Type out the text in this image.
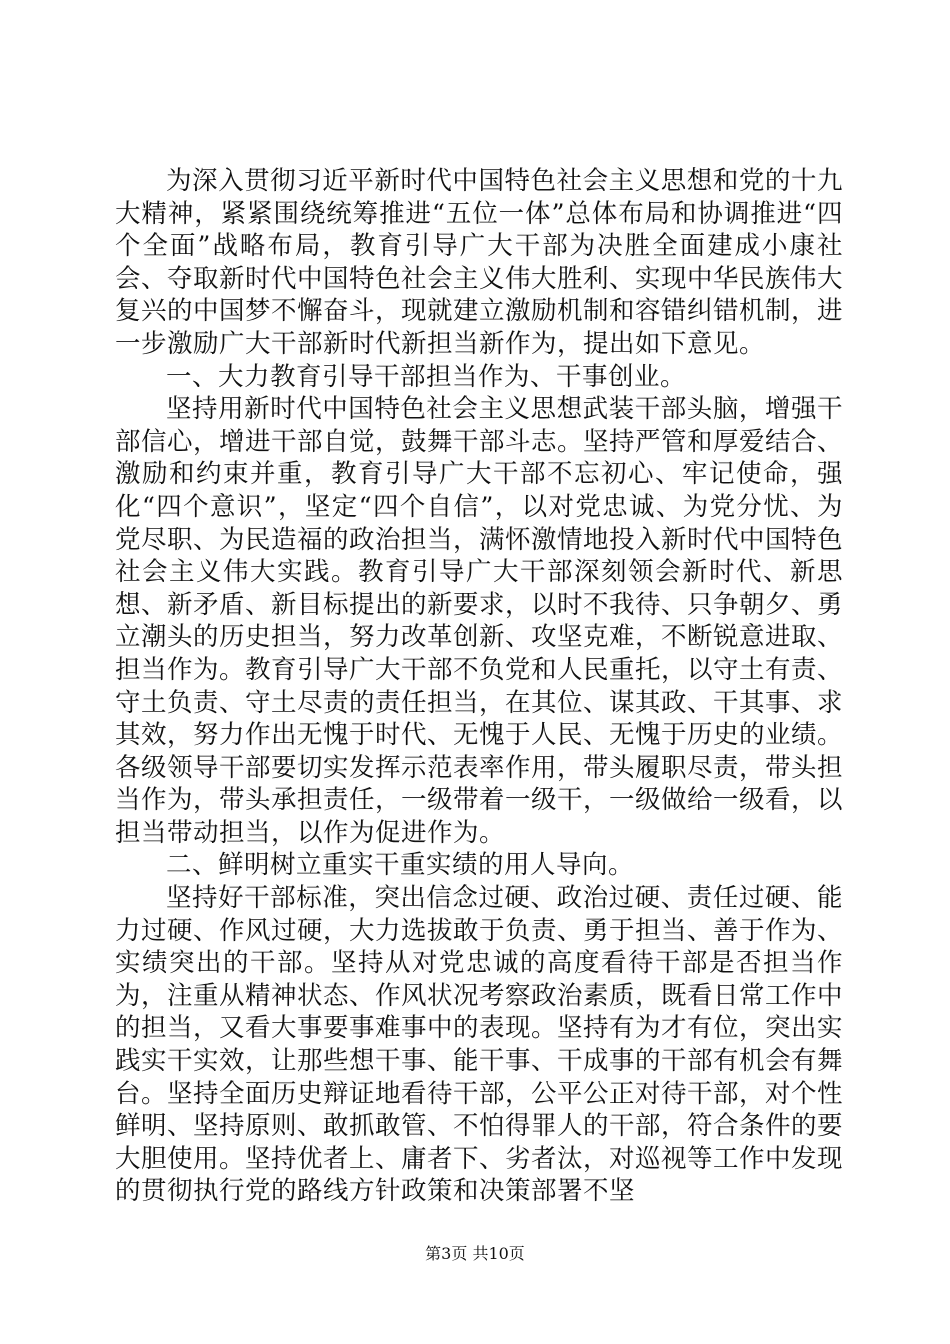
为深入贯彻习近平新时代中国特色社会主义思想和党的十九大精神，紧紧围绕统筹推进“五位一体”总体布局和协调推进“四个全面”战略布局，教育引导广大干部为决胜全面建成小康社会、夺取新时代中国特色社会主义伟大胜利、实现中华民族伟大复兴的中国梦不懈奋斗，现就建立激励机制和容错纠错机制，进一步激励广大干部新时代新担当新作为，提出如下意见。

一、大力教育引导干部担当作为、干事创业。

坚持用新时代中国特色社会主义思想武装干部头脑，增强干部信心，增进干部自觉，鼓舞干部斗志。坚持严管和厚爱结合、激励和约束并重，教育引导广大干部不忘初心、牢记使命，强化“四个意识”，坚定“四个自信”，以对党忠诚、为党分忧、为党尽职、为民造福的政治担当，满怀激情地投入新时代中国特色社会主义伟大实践。教育引导广大干部深刻领会新时代、新思想、新矛盾、新目标提出的新要求，以时不我待、只争朝夕、勇立潮头的历史担当，努力改革创新、攻坚克难，不断锐意进取、担当作为。教育引导广大干部不负党和人民重托，以守土有责、守土负责、守土尽责的责任担当，在其位、谋其政、干其事、求其效，努力作出无愧于时代、无愧于人民、无愧于历史的业绩。各级领导干部要切实发挥示范表率作用，带头履职尽责，带头担当作为，带头承担责任，一级带着一级干，一级做给一级看，以担当带动担当，以作为促进作为。

二、鲜明树立重实干重实绩的用人导向。

坚持好干部标准，突出信念过硬、政治过硬、责任过硬、能力过硬、作风过硬，大力选拔敢于负责、勇于担当、善于作为、实绩突出的干部。坚持从对党忠诚的高度看待干部是否担当作为，注重从精神状态、作风状况考察政治素质，既看日常工作中的担当，又看大事要事难事中的表现。坚持有为才有位，突出实践实干实效，让那些想干事、能干事、干成事的干部有机会有舞台。坚持全面历史辩证地看待干部，公平公正对待干部，对个性鲜明、坚持原则、敢抓敢管、不怕得罪人的干部，符合条件的要大胆使用。坚持优者上、庸者下、劣者汰，对巡视等工作中发现的贯彻执行党的路线方针政策和决策部署不坚

第3页 共10页
